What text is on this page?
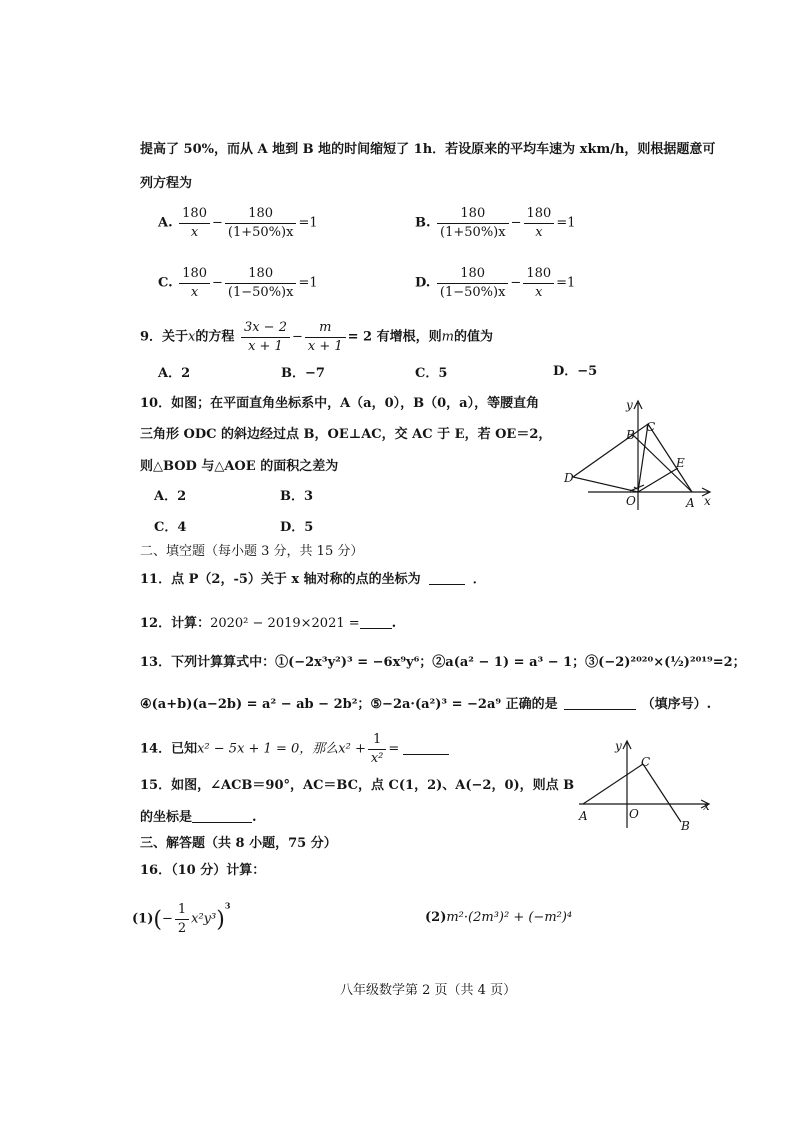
提高了 50%，而从 A 地到 B 地的时间缩短了 1h．若设原来的平均车速为 xkm/h，则根据题意可
列方程为
A. $\frac{180}{x} - \frac{180}{(1+50\%)x} =1$	B. $\frac{180}{(1+50\%)x} - \frac{180}{x} =1$
C. $\frac{180}{x} - \frac{180}{(1-50\%)x} =1$	D. $\frac{180}{(1-50\%)x} - \frac{180}{x} =1$
9．关于x的方程 $\frac{3x - 2}{x + 1} - \frac{m}{x + 1} = 2$ 有增根，则m的值为
A．2	B．−7	C．5	D．−5
10．如图；在平面直角坐标系中，A（a，0），B（0，a），等腰直角
三角形 ODC 的斜边经过点 B，OE⊥AC，交 AC 于 E，若 OE＝2，
则△BOD 与△AOE 的面积之差为
A．2	B．3
C．4	D．5
y
B
C
E
D
O	A x
二、填空题（每小题 3 分，共 15 分）
11．点 P（2，-5）关于 x 轴对称的点的坐标为	．
12．计算：2020² − 2019×2021 = .
13．下列计算算式中：①(−2x³y²)³ = −6x⁹y⁶；②a(a² − 1) = a³ − 1；③(−2)²⁰²⁰×(½)²⁰¹⁹=2；
④(a+b)(a−2b) = a² − ab − 2b²；⑤−2a·(a²)³ = −2a⁹ 正确的是	（填序号）.
14．已知x² − 5x + 1 = 0，那么$x^2 + \frac{1}{\text{x²}}$ =
15．如图，∠ACB＝90°，AC＝BC，点 C(1，2)、A(−2，0)，则点 B
的坐标是	.
y
C
A	O
B
x
三、解答题（共 8 小题，75 分）
16．（10 分）计算：
$(1)(- \frac{1}{2} x^2y^3)^3$
(2)m²·(2m³)² + (−m²)⁴
八年级数学第 2 页（共 4 页）
